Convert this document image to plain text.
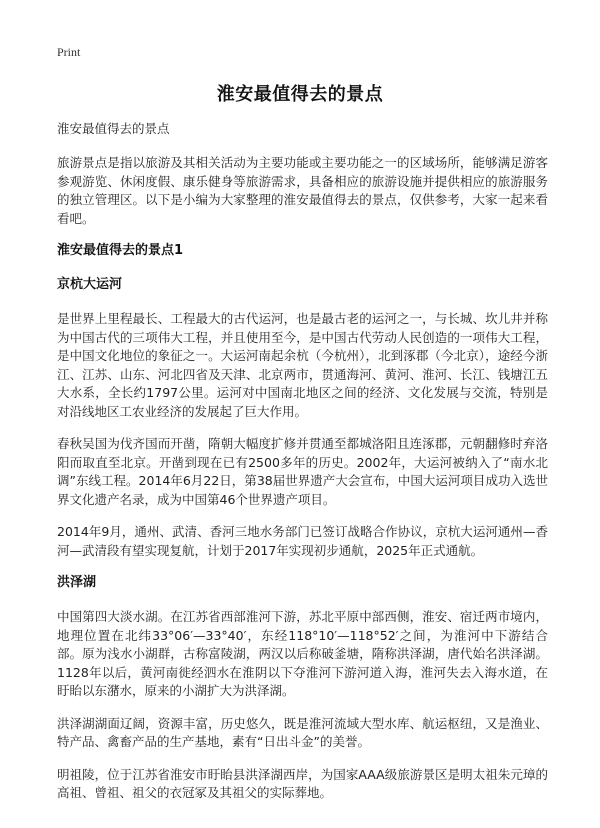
Print
淮安最值得去的景点

淮安最值得去的景点

旅游景点是指以旅游及其相关活动为主要功能或主要功能之一的区域场所，能够满足游客参观游览、休闲度假、康乐健身等旅游需求，具备相应的旅游设施并提供相应的旅游服务的独立管理区。以下是小编为大家整理的淮安最值得去的景点，仅供参考，大家一起来看看吧。

淮安最值得去的景点1
京杭大运河

是世界上里程最长、工程最大的古代运河，也是最古老的运河之一，与长城、坎儿井并称为中国古代的三项伟大工程，并且使用至今，是中国古代劳动人民创造的一项伟大工程，是中国文化地位的象征之一。大运河南起余杭（今杭州），北到涿郡（今北京），途经今浙江、江苏、山东、河北四省及天津、北京两市，贯通海河、黄河、淮河、长江、钱塘江五大水系，全长约1797公里。运河对中国南北地区之间的经济、文化发展与交流，特别是对沿线地区工农业经济的发展起了巨大作用。

春秋吴国为伐齐国而开凿，隋朝大幅度扩修并贯通至都城洛阳且连涿郡，元朝翻修时弃洛阳而取直至北京。开凿到现在已有2500多年的历史。2002年，大运河被纳入了“南水北调”东线工程。2014年6月22日，第38届世界遗产大会宣布，中国大运河项目成功入选世界文化遗产名录，成为中国第46个世界遗产项目。

2014年9月，通州、武清、香河三地水务部门已签订战略合作协议，京杭大运河通州—香河—武清段有望实现复航，计划于2017年实现初步通航，2025年正式通航。

洪泽湖

中国第四大淡水湖。在江苏省西部淮河下游，苏北平原中部西侧，淮安、宿迁两市境内，地理位置在北纬33°06′—33°40′，东经118°10′—118°52′之间，为淮河中下游结合部。原为浅水小湖群，古称富陵湖，两汉以后称破釜塘，隋称洪泽湖，唐代始名洪泽湖。1128年以后，黄河南徙经泗水在淮阴以下夺淮河下游河道入海，淮河失去入海水道，在盱眙以东潴水，原来的小湖扩大为洪泽湖。

洪泽湖湖面辽阔，资源丰富，历史悠久，既是淮河流域大型水库、航运枢纽，又是渔业、特产品、禽畜产品的生产基地，素有“日出斗金”的美誉。

明祖陵，位于江苏省淮安市盱眙县洪泽湖西岸，为国家AAA级旅游景区是明太祖朱元璋的高祖、曾祖、祖父的衣冠冢及其祖父的实际葬地。
